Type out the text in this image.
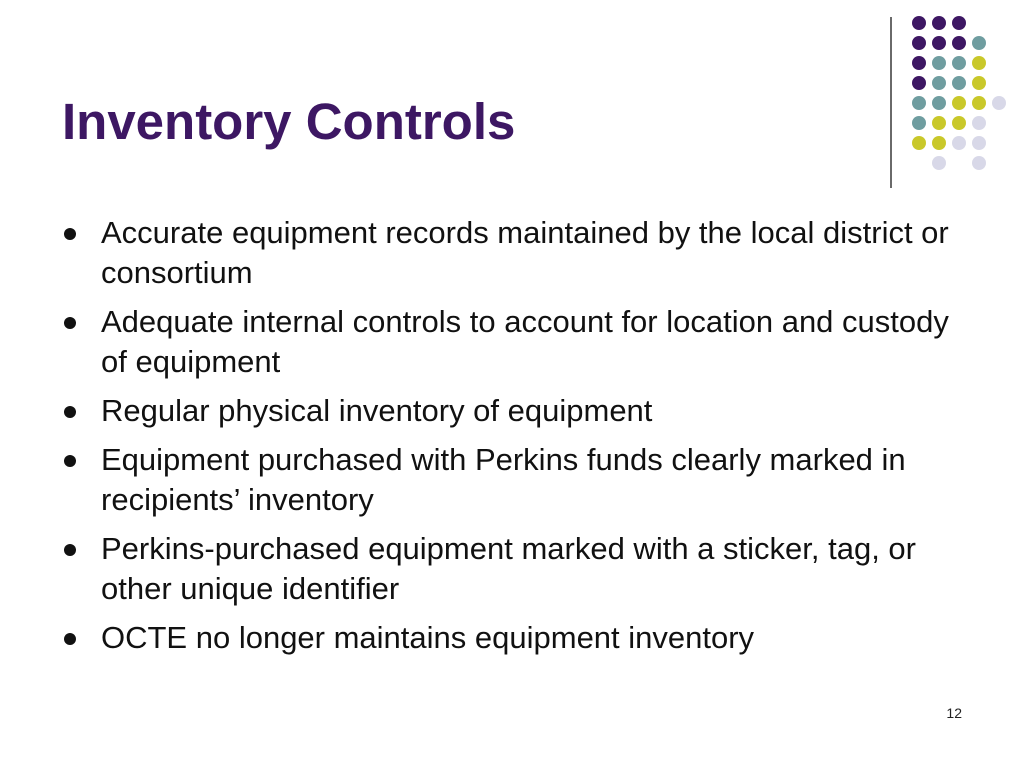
Inventory Controls
Accurate equipment records maintained by the local district or consortium
Adequate internal controls to account for location and custody of equipment
Regular physical inventory of equipment
Equipment purchased with Perkins funds clearly marked in recipients’ inventory
Perkins-purchased equipment marked with a sticker, tag, or other unique identifier
OCTE no longer maintains equipment inventory
12
